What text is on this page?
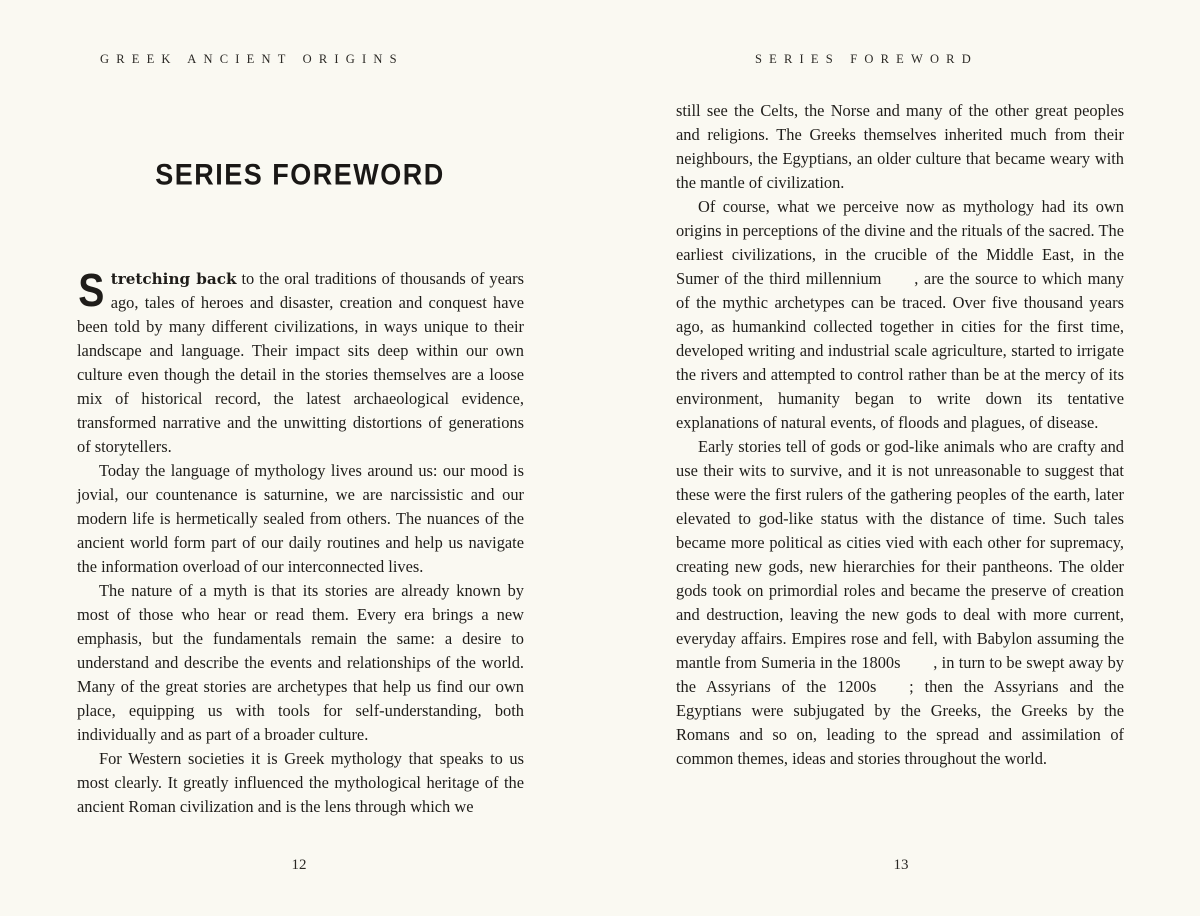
GREEK ANCIENT ORIGINS
SERIES FOREWORD

Stretching back to the oral traditions of thousands of years ago, tales of heroes and disaster, creation and conquest have been told by many different civilizations, in ways unique to their landscape and language. Their impact sits deep within our own culture even though the detail in the stories themselves are a loose mix of historical record, the latest archaeological evidence, transformed narrative and the unwitting distortions of generations of storytellers.

Today the language of mythology lives around us: our mood is jovial, our countenance is saturnine, we are narcissistic and our modern life is hermetically sealed from others. The nuances of the ancient world form part of our daily routines and help us navigate the information overload of our interconnected lives.

The nature of a myth is that its stories are already known by most of those who hear or read them. Every era brings a new emphasis, but the fundamentals remain the same: a desire to understand and describe the events and relationships of the world. Many of the great stories are archetypes that help us find our own place, equipping us with tools for self-understanding, both individually and as part of a broader culture.

For Western societies it is Greek mythology that speaks to us most clearly. It greatly influenced the mythological heritage of the ancient Roman civilization and is the lens through which we

12
SERIES FOREWORD

still see the Celts, the Norse and many of the other great peoples and religions. The Greeks themselves inherited much from their neighbours, the Egyptians, an older culture that became weary with the mantle of civilization.

Of course, what we perceive now as mythology had its own origins in perceptions of the divine and the rituals of the sacred. The earliest civilizations, in the crucible of the Middle East, in the Sumer of the third millennium  , are the source to which many of the mythic archetypes can be traced. Over five thousand years ago, as humankind collected together in cities for the first time, developed writing and industrial scale agriculture, started to irrigate the rivers and attempted to control rather than be at the mercy of its environment, humanity began to write down its tentative explanations of natural events, of floods and plagues, of disease.

Early stories tell of gods or god-like animals who are crafty and use their wits to survive, and it is not unreasonable to suggest that these were the first rulers of the gathering peoples of the earth, later elevated to god-like status with the distance of time. Such tales became more political as cities vied with each other for supremacy, creating new gods, new hierarchies for their pantheons. The older gods took on primordial roles and became the preserve of creation and destruction, leaving the new gods to deal with more current, everyday affairs. Empires rose and fell, with Babylon assuming the mantle from Sumeria in the 1800s  , in turn to be swept away by the Assyrians of the 1200s  ; then the Assyrians and the Egyptians were subjugated by the Greeks, the Greeks by the Romans and so on, leading to the spread and assimilation of common themes, ideas and stories throughout the world.

13
